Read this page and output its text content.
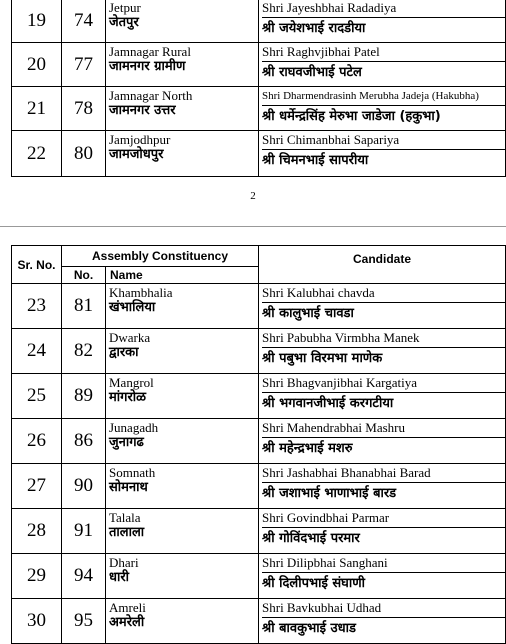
19	74	Jetpur
जेतपुर	Shri Jayeshbhai Radadiya
श्री जयेशभाई रादडीया

20	77	Jamnagar Rural
जामनगर ग्रामीण	Shri Raghvjibhai Patel
श्री राघवजीभाई पटेल

21	78	Jamnagar North
जामनगर उत्तर	Shri Dharmendrasinh Merubha Jadeja (Hakubha)
श्री धर्मेन्द्रसिंह मेरुभा जाडेजा (हकुभा)

22	80	Jamjodhpur
जामजोधपुर	Shri Chimanbhai Sapariya
श्री चिमनभाई सापरीया
2
Sr. No.	Assembly Constituency		Candidate
	No.	Name	
23	81	Khambhalia
खंभालिया	Shri Kalubhai chavda
श्री कालुभाई चावडा

24	82	Dwarka
द्वारका	Shri Pabubha Virmbha Manek
श्री पबुभा विरमभा माणेक

25	89	Mangrol
मांगरोळ	Shri Bhagvanjibhai Kargatiya
श्री भगवानजीभाई करगटीया

26	86	Junagadh
जुनागढ	Shri Mahendrabhai Mashru
श्री महेन्द्रभाई मशरु

27	90	Somnath
सोमनाथ	Shri Jashabhai Bhanabhai Barad
श्री जशाभाई भाणाभाई बारड

28	91	Talala
तालाला	Shri Govindbhai Parmar
श्री गोविंदभाई परमार

29	94	Dhari
धारी	Shri Dilipbhai Sanghani
श्री दिलीपभाई संघाणी

30	95	Amreli
अमरेली	Shri Bavkubhai Udhad
श्री बावकुभाई उधाड
